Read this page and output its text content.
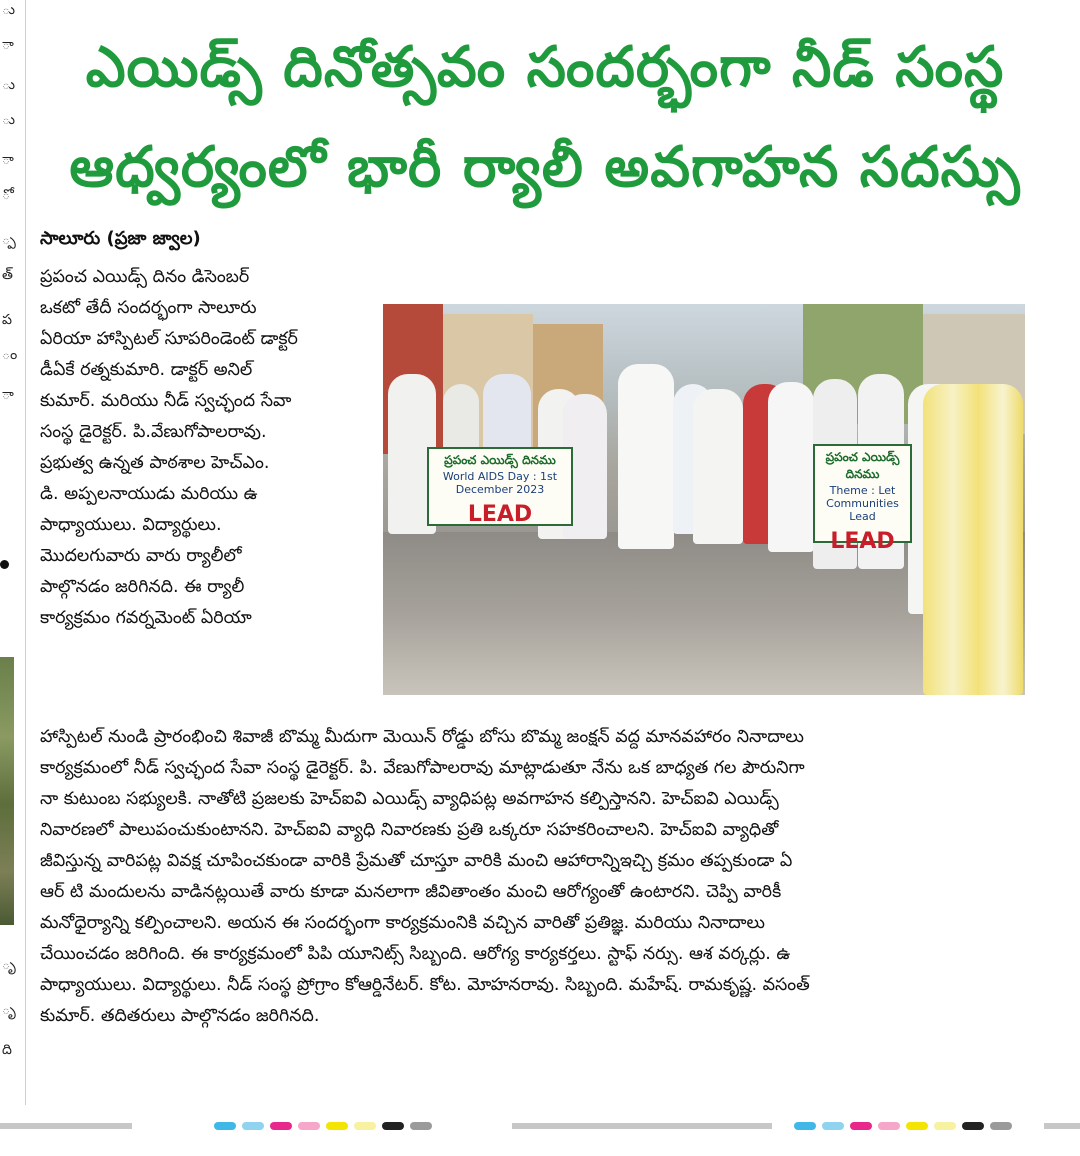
ు
ా
ు
ు
ా
ో
్ప
త్
ప
ం
ా
ృ
ృ
ది
ఎయిడ్స్ దినోత్సవం సందర్భంగా నీడ్ సంస్థ
ఆధ్వర్యంలో భారీ ర్యాలీ అవగాహన సదస్సు
సాలూరు (ప్రజా జ్వాల)

ప్రపంచ ఎయిడ్స్ దినం డిసెంబర్

ఒకటో తేదీ సందర్భంగా సాలూరు

ఏరియా హాస్పిటల్ సూపరిండెంట్ డాక్టర్

డీఏకే రత్నకుమారి. డాక్టర్ అనిల్

కుమార్. మరియు నీడ్ స్వచ్ఛంద సేవా

సంస్థ డైరెక్టర్. పి.వేణుగోపాలరావు.

ప్రభుత్వ ఉన్నత పాఠశాల హెచ్ఎం.

డి. అప్పలనాయుడు మరియు ఉ

పాధ్యాయులు. విద్యార్థులు.

మొదలగువారు వారు ర్యాలీలో

పాల్గొనడం జరిగినది. ఈ ర్యాలీ

కార్యక్రమం గవర్నమెంట్ ఏరియా

ప్రపంచ ఎయిడ్స్ దినము
World AIDS Day : 1st December 2023
LEAD
ప్రపంచ ఎయిడ్స్ దినము
Theme : Let Communities Lead
LEAD

హాస్పిటల్ నుండి ప్రారంభించి శివాజీ బొమ్మ మీదుగా మెయిన్ రోడ్డు బోసు బొమ్మ జంక్షన్ వద్ద మానవహారం నినాదాలు

కార్యక్రమంలో నీడ్ స్వచ్ఛంద సేవా సంస్థ డైరెక్టర్. పి. వేణుగోపాలరావు మాట్లాడుతూ నేను ఒక బాధ్యత గల పౌరునిగా

నా కుటుంబ సభ్యులకి. నాతోటి ప్రజలకు హెచ్ఐవి ఎయిడ్స్ వ్యాధిపట్ల అవగాహన కల్పిస్తానని. హెచ్ఐవి ఎయిడ్స్

నివారణలో పాలుపంచుకుంటానని. హెచ్ఐవి వ్యాధి నివారణకు ప్రతి ఒక్కరూ సహకరించాలని. హెచ్ఐవి వ్యాధితో

జీవిస్తున్న వారిపట్ల వివక్ష చూపించకుండా వారికి ప్రేమతో చూస్తూ వారికి మంచి ఆహారాన్నిఇచ్చి క్రమం తప్పకుండా ఏ

ఆర్ టి మందులను వాడినట్లయితే వారు కూడా మనలాగా జీవితాంతం మంచి ఆరోగ్యంతో ఉంటారని. చెప్పి వారికీ

మనోధైర్యాన్ని కల్పించాలని. అయన ఈ సందర్భంగా కార్యక్రమంనికి వచ్చిన వారితో ప్రతిజ్ఞ. మరియు నినాదాలు

చేయించడం జరిగింది. ఈ కార్యక్రమంలో పిపి యూనిట్స్ సిబ్బంది. ఆరోగ్య కార్యకర్తలు. స్టాఫ్ నర్సు. ఆశ వర్కర్లు. ఉ

పాధ్యాయులు. విద్యార్థులు. నీడ్ సంస్థ ప్రోగ్రాం కోఆర్డినేటర్. కోట. మోహనరావు. సిబ్బంది. మహేష్. రామకృష్ణ. వసంత్

కుమార్. తదితరులు పాల్గొనడం జరిగినది.
